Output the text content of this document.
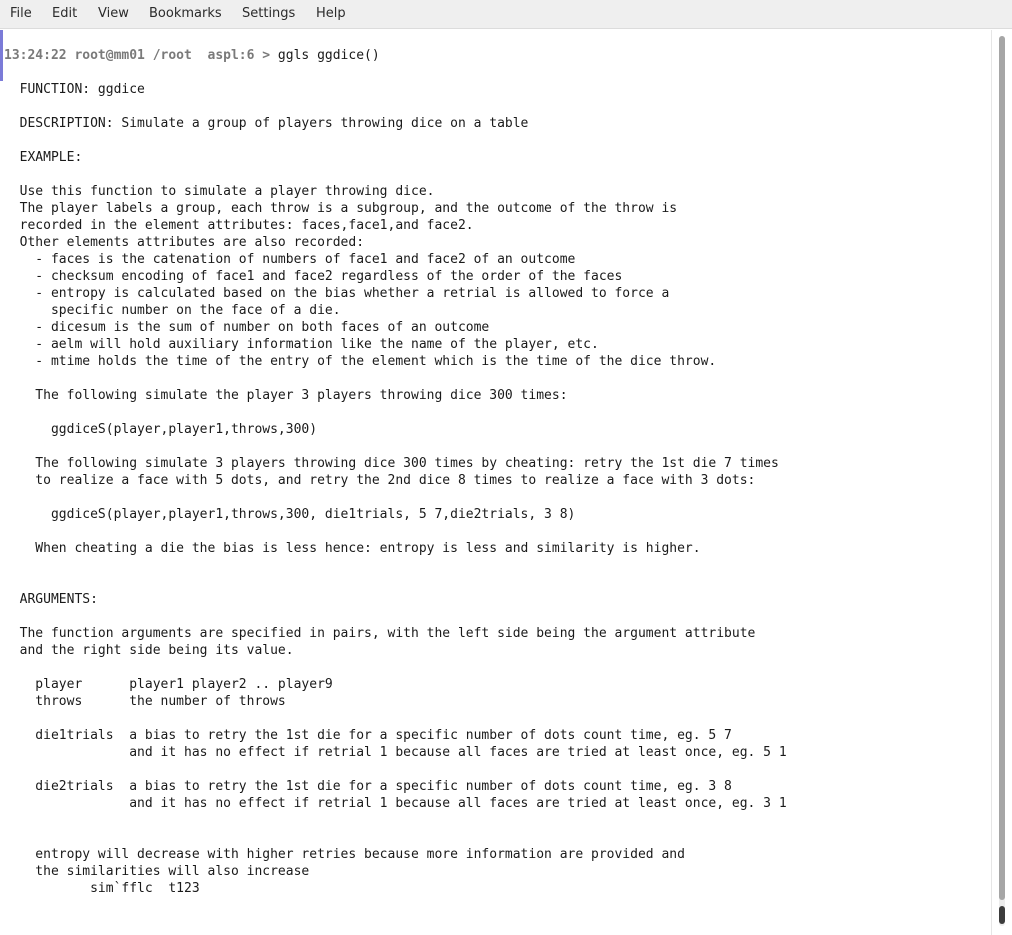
File Edit View Bookmarks Settings Help
13:24:22 root@mm01 /root  aspl:6 > ggls ggdice()
FUNCTION: ggdice
DESCRIPTION: Simulate a group of players throwing dice on a table
EXAMPLE:
Use this function to simulate a player throwing dice.
The player labels a group, each throw is a subgroup, and the outcome of the throw is
recorded in the element attributes: faces,face1,and face2.
Other elements attributes are also recorded:
- faces is the catenation of numbers of face1 and face2 of an outcome
- checksum encoding of face1 and face2 regardless of the order of the faces
- entropy is calculated based on the bias whether a retrial is allowed to force a
specific number on the face of a die.
- dicesum is the sum of number on both faces of an outcome
- aelm will hold auxiliary information like the name of the player, etc.
- mtime holds the time of the entry of the element which is the time of the dice throw.
The following simulate the player 3 players throwing dice 300 times:
ggdiceS(player,player1,throws,300)
The following simulate 3 players throwing dice 300 times by cheating: retry the 1st die 7 times
to realize a face with 5 dots, and retry the 2nd dice 8 times to realize a face with 3 dots:
ggdiceS(player,player1,throws,300, die1trials, 5 7,die2trials, 3 8)
When cheating a die the bias is less hence: entropy is less and similarity is higher.
ARGUMENTS:
The function arguments are specified in pairs, with the left side being the argument attribute
and the right side being its value.
player      player1 player2 .. player9
throws      the number of throws
die1trials  a bias to retry the 1st die for a specific number of dots count time, eg. 5 7
and it has no effect if retrial 1 because all faces are tried at least once, eg. 5 1
die2trials  a bias to retry the 1st die for a specific number of dots count time, eg. 3 8
and it has no effect if retrial 1 because all faces are tried at least once, eg. 3 1
entropy will decrease with higher retries because more information are provided and
the similarities will also increase
sim`fflc  t123
